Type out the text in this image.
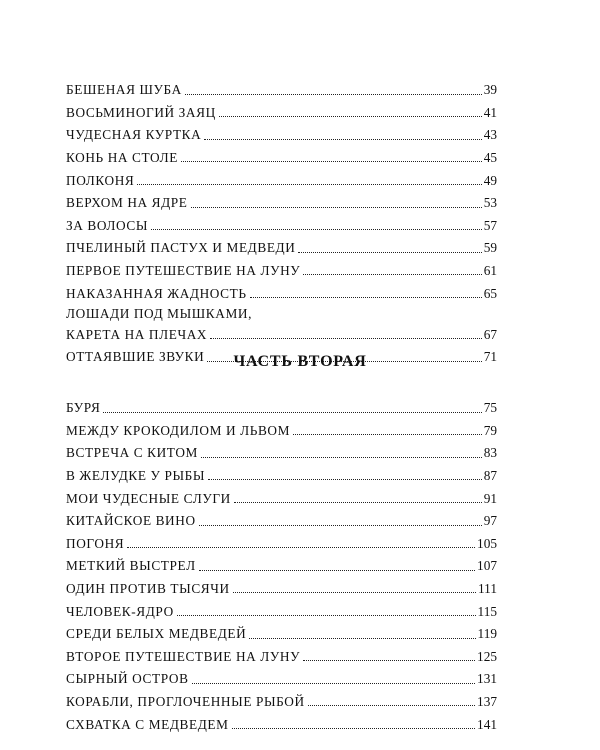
БЕШЕНАЯ ШУБА	39
ВОСЬМИНОГИЙ ЗАЯЦ	41
ЧУДЕСНАЯ КУРТКА	43
КОНЬ НА СТОЛЕ	45
ПОЛКОНЯ	49
ВЕРХОМ НА ЯДРЕ	53
ЗА ВОЛОСЫ	57
ПЧЕЛИНЫЙ ПАСТУХ И МЕДВЕДИ	59
ПЕРВОЕ ПУТЕШЕСТВИЕ НА ЛУНУ	61
НАКАЗАННАЯ ЖАДНОСТЬ	65
ЛОШАДИ ПОД МЫШКАМИ,
КАРЕТА НА ПЛЕЧАХ	67
ОТТАЯВШИЕ ЗВУКИ	71
ЧАСТЬ ВТОРАЯ
БУРЯ	75
МЕЖДУ КРОКОДИЛОМ И ЛЬВОМ	79
ВСТРЕЧА С КИТОМ	83
В ЖЕЛУДКЕ У РЫБЫ	87
МОИ ЧУДЕСНЫЕ СЛУГИ	91
КИТАЙСКОЕ ВИНО	97
ПОГОНЯ	105
МЕТКИЙ ВЫСТРЕЛ	107
ОДИН ПРОТИВ ТЫСЯЧИ	111
ЧЕЛОВЕК-ЯДРО	115
СРЕДИ БЕЛЫХ МЕДВЕДЕЙ	119
ВТОРОЕ ПУТЕШЕСТВИЕ НА ЛУНУ	125
СЫРНЫЙ ОСТРОВ	131
КОРАБЛИ, ПРОГЛОЧЕННЫЕ РЫБОЙ	137
СХВАТКА С МЕДВЕДЕМ	141
